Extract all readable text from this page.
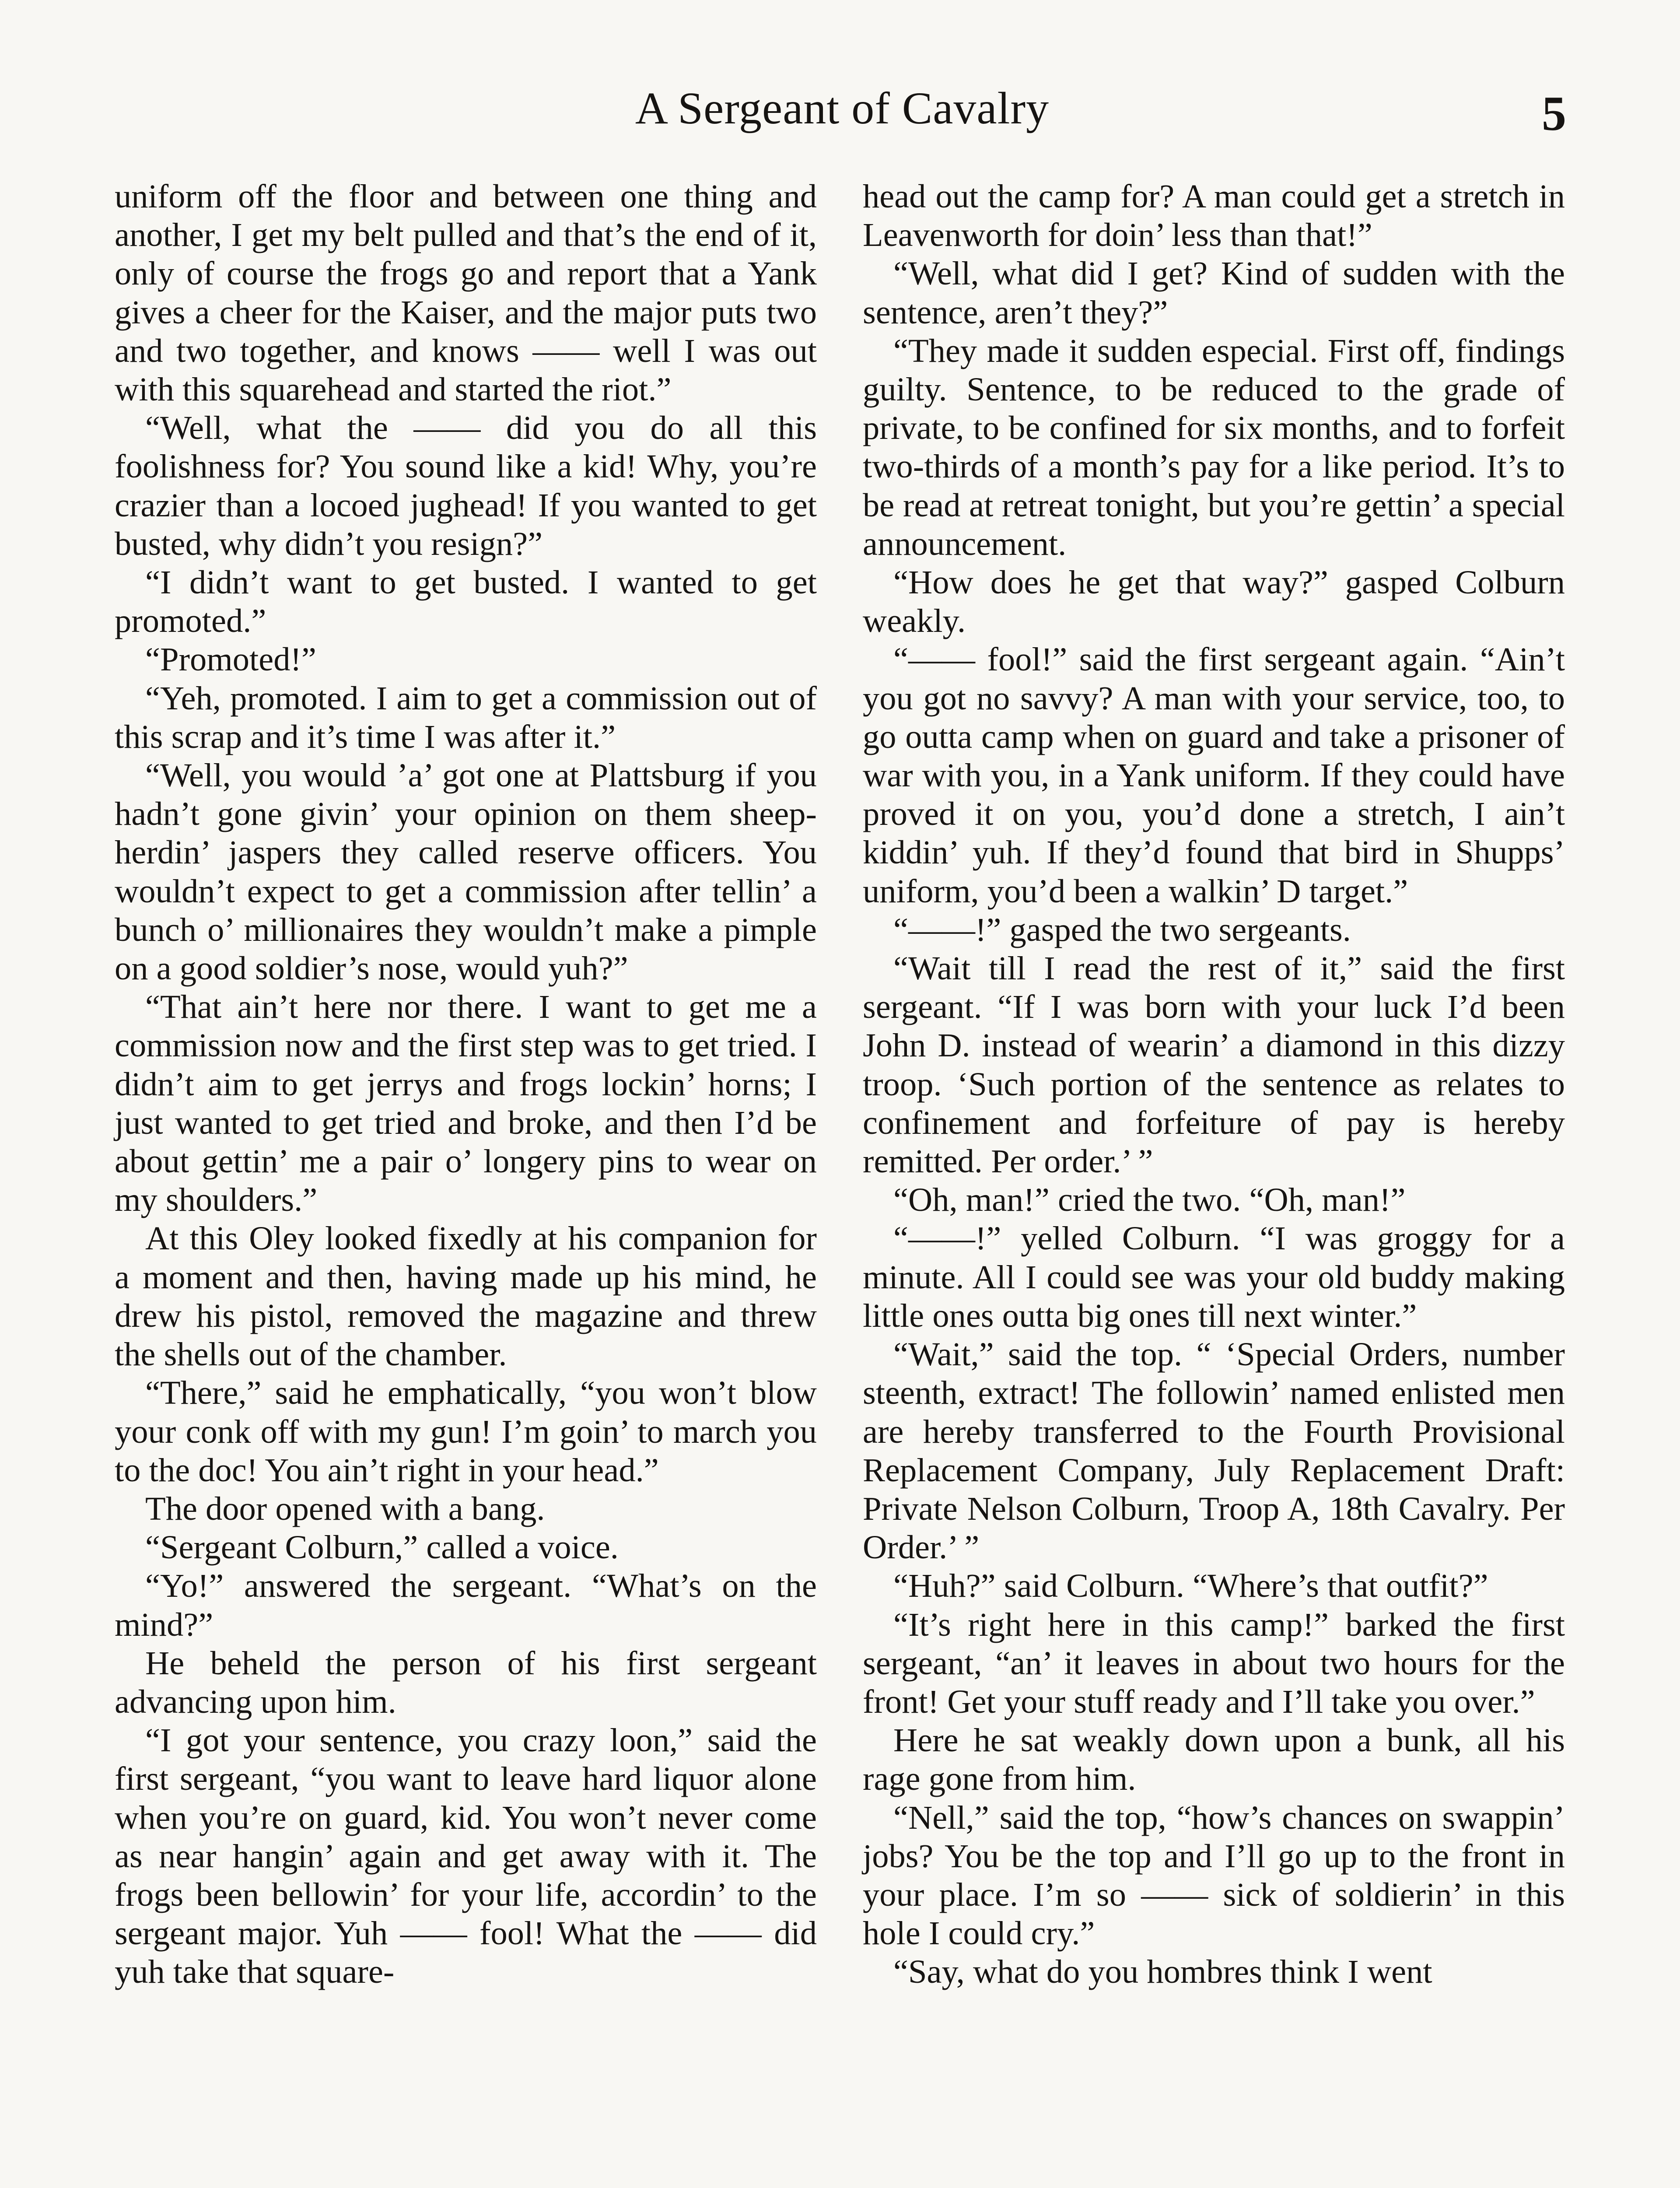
A Sergeant of Cavalry	5

uniform off the floor and between one thing and another, I get my belt pulled and that’s the end of it, only of course the frogs go and report that a Yank gives a cheer for the Kaiser, and the major puts two and two together, and knows —— well I was out with this squarehead and started the riot.”

“Well, what the —— did you do all this foolishness for? You sound like a kid! Why, you’re crazier than a locoed jughead! If you wanted to get busted, why didn’t you resign?”

“I didn’t want to get busted. I wanted to get promoted.”

“Promoted!”

“Yeh, promoted. I aim to get a commission out of this scrap and it’s time I was after it.”

“Well, you would ’a’ got one at Plattsburg if you hadn’t gone givin’ your opinion on them sheep-herdin’ jaspers they called reserve officers. You wouldn’t expect to get a commission after tellin’ a bunch o’ millionaires they wouldn’t make a pimple on a good soldier’s nose, would yuh?”

“That ain’t here nor there. I want to get me a commission now and the first step was to get tried. I didn’t aim to get jerrys and frogs lockin’ horns; I just wanted to get tried and broke, and then I’d be about gettin’ me a pair o’ longery pins to wear on my shoulders.”

At this Oley looked fixedly at his companion for a moment and then, having made up his mind, he drew his pistol, removed the magazine and threw the shells out of the chamber.

“There,” said he emphatically, “you won’t blow your conk off with my gun! I’m goin’ to march you to the doc! You ain’t right in your head.”

The door opened with a bang.

“Sergeant Colburn,” called a voice.

“Yo!” answered the sergeant. “What’s on the mind?”

He beheld the person of his first sergeant advancing upon him.

“I got your sentence, you crazy loon,” said the first sergeant, “you want to leave hard liquor alone when you’re on guard, kid. You won’t never come as near hangin’ again and get away with it. The frogs been bellowin’ for your life, accordin’ to the sergeant major. Yuh —— fool! What the —— did yuh take that square-

head out the camp for? A man could get a stretch in Leavenworth for doin’ less than that!”

“Well, what did I get? Kind of sudden with the sentence, aren’t they?”

“They made it sudden especial. First off, findings guilty. Sentence, to be reduced to the grade of private, to be confined for six months, and to forfeit two-thirds of a month’s pay for a like period. It’s to be read at retreat tonight, but you’re gettin’ a special announcement.

“How does he get that way?” gasped Colburn weakly.

“—— fool!” said the first sergeant again. “Ain’t you got no savvy? A man with your service, too, to go outta camp when on guard and take a prisoner of war with you, in a Yank uniform. If they could have proved it on you, you’d done a stretch, I ain’t kiddin’ yuh. If they’d found that bird in Shupps’ uniform, you’d been a walkin’ D target.”

“——!” gasped the two sergeants.

“Wait till I read the rest of it,” said the first sergeant. “If I was born with your luck I’d been John D. instead of wearin’ a diamond in this dizzy troop. ‘Such portion of the sentence as relates to confinement and forfeiture of pay is hereby remitted. Per order.’ ”

“Oh, man!” cried the two. “Oh, man!”

“——!” yelled Colburn. “I was groggy for a minute. All I could see was your old buddy making little ones outta big ones till next winter.”

“Wait,” said the top. “ ‘Special Orders, number steenth, extract! The followin’ named enlisted men are hereby transferred to the Fourth Provisional Replacement Company, July Replacement Draft: Private Nelson Colburn, Troop A, 18th Cavalry. Per Order.’ ”

“Huh?” said Colburn. “Where’s that outfit?”

“It’s right here in this camp!” barked the first sergeant, “an’ it leaves in about two hours for the front! Get your stuff ready and I’ll take you over.”

Here he sat weakly down upon a bunk, all his rage gone from him.

“Nell,” said the top, “how’s chances on swappin’ jobs? You be the top and I’ll go up to the front in your place. I’m so —— sick of soldierin’ in this hole I could cry.”

“Say, what do you hombres think I went
